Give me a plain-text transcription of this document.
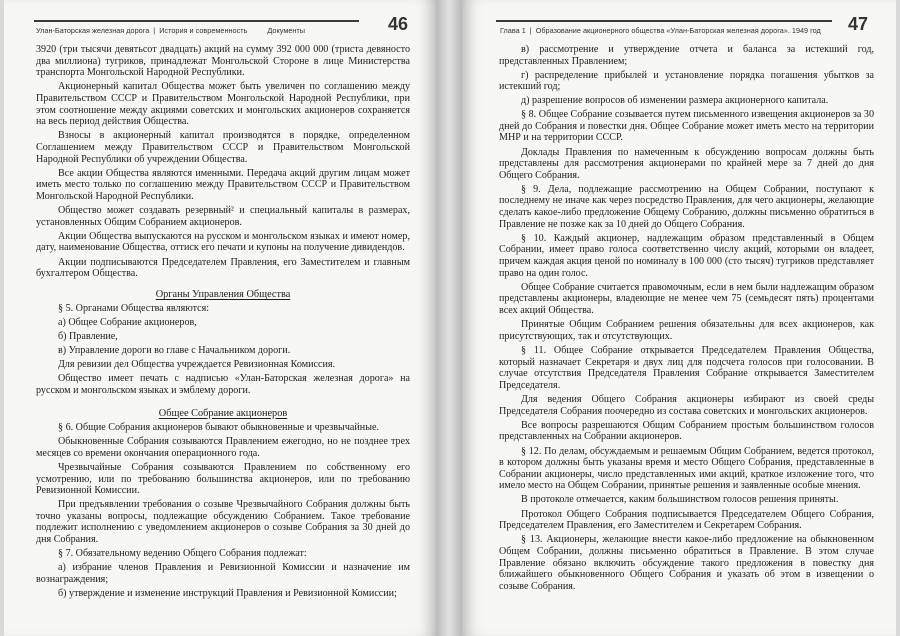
Улан-Баторская железная дорога | История и современность	Документы	46

3920 (три тысячи девятьсот двадцать) акций на сумму 392 000 000 (триста девяносто два миллиона) тугриков, принадлежат Монгольской Стороне в лице Министерства транспорта Монгольской Народной Республики.

Акционерный капитал Общества может быть увеличен по соглашению между Правительством СССР и Правительством Монгольской Народной Республики, при этом соотношение между акциями советских и монгольских акционеров сохраняется на весь период действия Общества.

Взносы в акционерный капитал производятся в порядке, определенном Соглашением между Правительством СССР и Правительством Монгольской Народной Республики об учреждении Общества.

Все акции Общества являются именными. Передача акций другим лицам может иметь место только по соглашению между Правительством СССР и Правительством Монгольской Народной Республики.

Общество может создавать резервный² и специальный капиталы в размерах, установленных Общим Собранием акционеров.

Акции Общества выпускаются на русском и монгольском языках и имеют номер, дату, наименование Общества, оттиск его печати и купоны на получение дивидендов.

Акции подписываются Председателем Правления, его Заместителем и главным бухгалтером Общества.

Органы Управления Общества

§ 5. Органами Общества являются:

а) Общее Собрание акционеров,

б) Правление,

в) Управление дороги во главе с Начальником дороги.

Для ревизии дел Общества учреждается Ревизионная Комиссия.

Общество имеет печать с надписью «Улан-Баторская железная дорога» на русском и монгольском языках и эмблему дороги.

Общее Собрание акционеров

§ 6. Общие Собрания акционеров бывают обыкновенные и чрезвычайные.

Обыкновенные Собрания созываются Правлением ежегодно, но не позднее трех месяцев со времени окончания операционного года.

Чрезвычайные Собрания созываются Правлением по собственному его усмотрению, или по требованию большинства акционеров, или по требованию Ревизионной Комиссии.

При предъявлении требования о созыве Чрезвычайного Собрания должны быть точно указаны вопросы, подлежащие обсуждению Собранием. Такое требование подлежит исполнению с уведомлением акционеров о созыве Собрания за 30 дней до дня Собрания.

§ 7. Обязательному ведению Общего Собрания подлежат:

а) избрание членов Правления и Ревизионной Комиссии и назначение им вознаграждения;

б) утверждение и изменение инструкций Правления и Ревизионной Комиссии;

Глава 1 | Образование акционерного общества «Улан-Баторская железная дорога». 1949 год 47

в) рассмотрение и утверждение отчета и баланса за истекший год, представленных Правлением;

г) распределение прибылей и установление порядка погашения убытков за истекший год;

д) разрешение вопросов об изменении размера акционерного капитала.

§ 8. Общее Собрание созывается путем письменного извещения акционеров за 30 дней до Собрания и повестки дня. Общее Собрание может иметь место на территории МНР и на территории СССР.

Доклады Правления по намеченным к обсуждению вопросам должны быть представлены для рассмотрения акционерами по крайней мере за 7 дней до дня Общего Собрания.

§ 9. Дела, подлежащие рассмотрению на Общем Собрании, поступают к последнему не иначе как через посредство Правления, для чего акционеры, желающие сделать какое-либо предложение Общему Собранию, должны письменно обратиться в Правление не позже как за 10 дней до Общего Собрания.

§ 10. Каждый акционер, надлежащим образом представленный в Общем Собрании, имеет право голоса соответственно числу акций, которыми он владеет, причем каждая акция ценой по номиналу в 100 000 (сто тысяч) тугриков представляет право на один голос.

Общее Собрание считается правомочным, если в нем были надлежащим образом представлены акционеры, владеющие не менее чем 75 (семьдесят пять) процентами всех акций Общества.

Принятые Общим Собранием решения обязательны для всех акционеров, как присутствующих, так и отсутствующих.

§ 11. Общее Собрание открывается Председателем Правления Общества, который назначает Секретаря и двух лиц для подсчета голосов при голосовании. В случае отсутствия Председателя Правления Собрание открывается Заместителем Председателя.

Для ведения Общего Собрания акционеры избирают из своей среды Председателя Собрания поочередно из состава советских и монгольских акционеров.

Все вопросы разрешаются Общим Собранием простым большинством голосов представленных на Собрании акционеров.

§ 12. По делам, обсуждаемым и решаемым Общим Собранием, ведется протокол, в котором должны быть указаны время и место Общего Собрания, представленные в Собрании акционеры, число представленных ими акций, краткое изложение того, что имело место на Общем Собрании, принятые решения и заявленные особые мнения.

В протоколе отмечается, каким большинством голосов решения приняты.

Протокол Общего Собрания подписывается Председателем Общего Собрания, Председателем Правления, его Заместителем и Секретарем Собрания.

§ 13. Акционеры, желающие внести какое-либо предложение на обыкновенном Общем Собрании, должны письменно обратиться в Правление. В этом случае Правление обязано включить обсуждение такого предложения в повестку дня ближайшего обыкновенного Общего Собрания и указать об этом в извещении о созыве Собрания.
